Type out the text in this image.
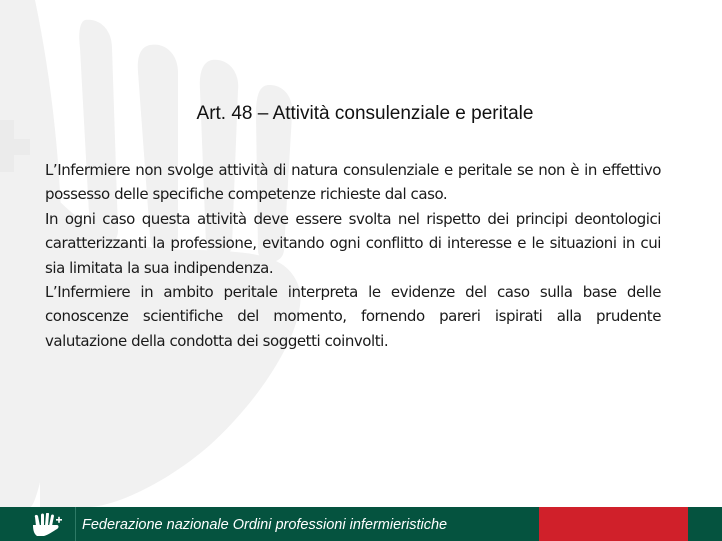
Art. 48 – Attività consulenziale e peritale

L’Infermiere non svolge attività di natura consulenziale e peritale se non è in effettivo possesso delle specifiche competenze richieste dal caso.

In ogni caso questa attività deve essere svolta nel rispetto dei principi deontologici caratterizzanti la professione, evitando ogni conflitto di interesse e le situazioni in cui sia limitata la sua indipendenza.

L’Infermiere in ambito peritale interpreta le evidenze del caso sulla base delle conoscenze scientifiche del momento, fornendo pareri ispirati alla prudente valutazione della condotta dei soggetti coinvolti.

Federazione nazionale Ordini professioni infermieristiche
